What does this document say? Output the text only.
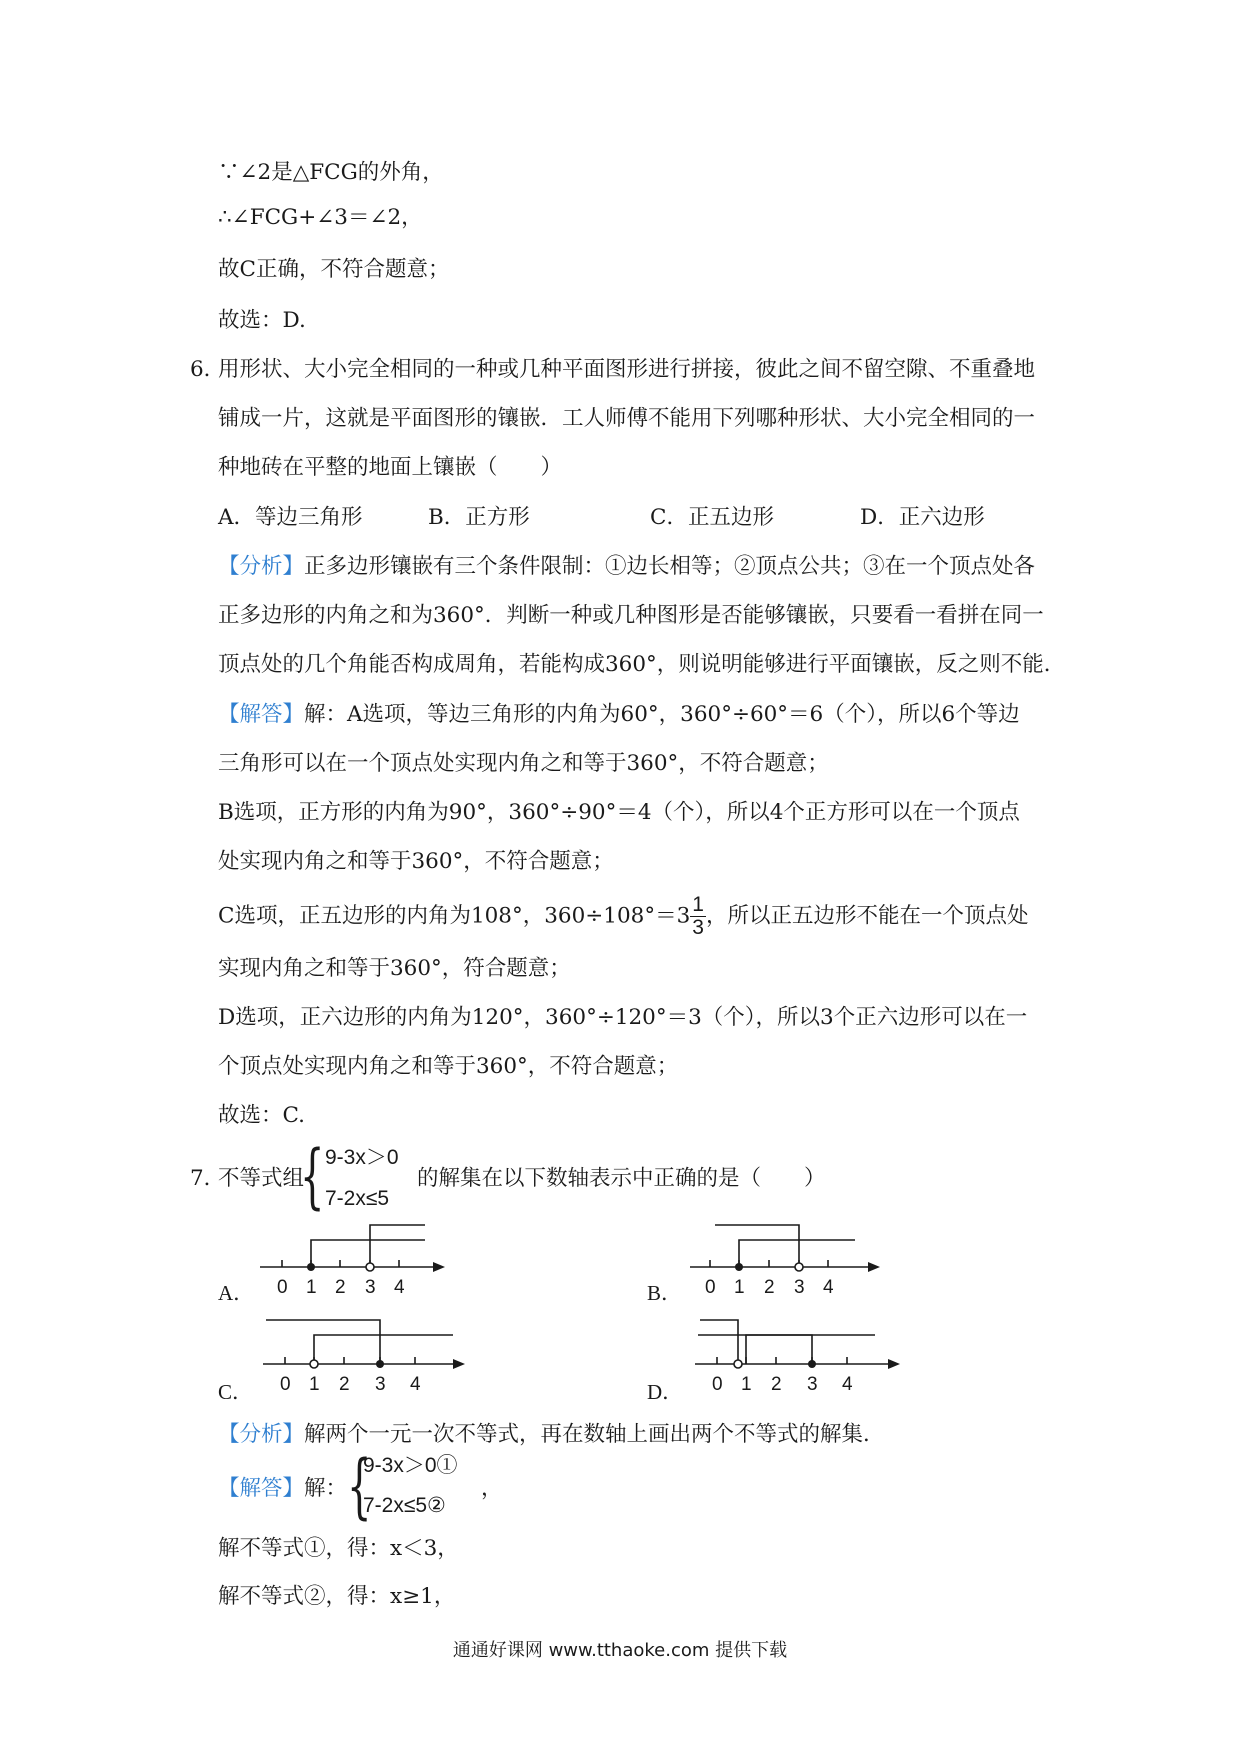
∵∠2是△FCG的外角，
∴∠FCG+∠3＝∠2，
故C正确，不符合题意；
故选：D.
6．
用形状、大小完全相同的一种或几种平面图形进行拼接，彼此之间不留空隙、不重叠地
铺成一片，这就是平面图形的镶嵌．工人师傅不能用下列哪种形状、大小完全相同的一
种地砖在平整的地面上镶嵌（　　）
A．等边三角形	B．正方形	C．正五边形	D．正六边形
【分析】正多边形镶嵌有三个条件限制：①边长相等；②顶点公共；③在一个顶点处各
正多边形的内角之和为360°．判断一种或几种图形是否能够镶嵌，只要看一看拼在同一
顶点处的几个角能否构成周角，若能构成360°，则说明能够进行平面镶嵌，反之则不能．
【解答】解：A选项，等边三角形的内角为60°，360°÷60°＝6（个），所以6个等边
三角形可以在一个顶点处实现内角之和等于360°，不符合题意；
B选项，正方形的内角为90°，360°÷90°＝4（个），所以4个正方形可以在一个顶点
处实现内角之和等于360°，不符合题意；
C选项，正五边形的内角为108°，$360\div 108^\circ=3 \frac{1}{3}$ ，所以正五边形不能在一个顶点处
实现内角之和等于360°，符合题意；
D选项，正六边形的内角为120°，360°÷120°＝3（个），所以3个正六边形可以在一
个顶点处实现内角之和等于360°，不符合题意；
故选：C.
7．
不等式组
{ 9-3x＞0
7-2x≤5
的解集在以下数轴表示中正确的是（　　）
A． 0 1 2 3 4	B． 0 1 2 3 4
C． 0 1 2 3 4	D． 0 1 2 3 4
【分析】解两个一元一次不等式，再在数轴上画出两个不等式的解集．
【解答】解： {
9-3x＞0①
7-2x≤5②
，
解不等式①，得：x＜3，
解不等式②，得：x≥1，
通通好课网 www.tthaoke.com 提供下载
